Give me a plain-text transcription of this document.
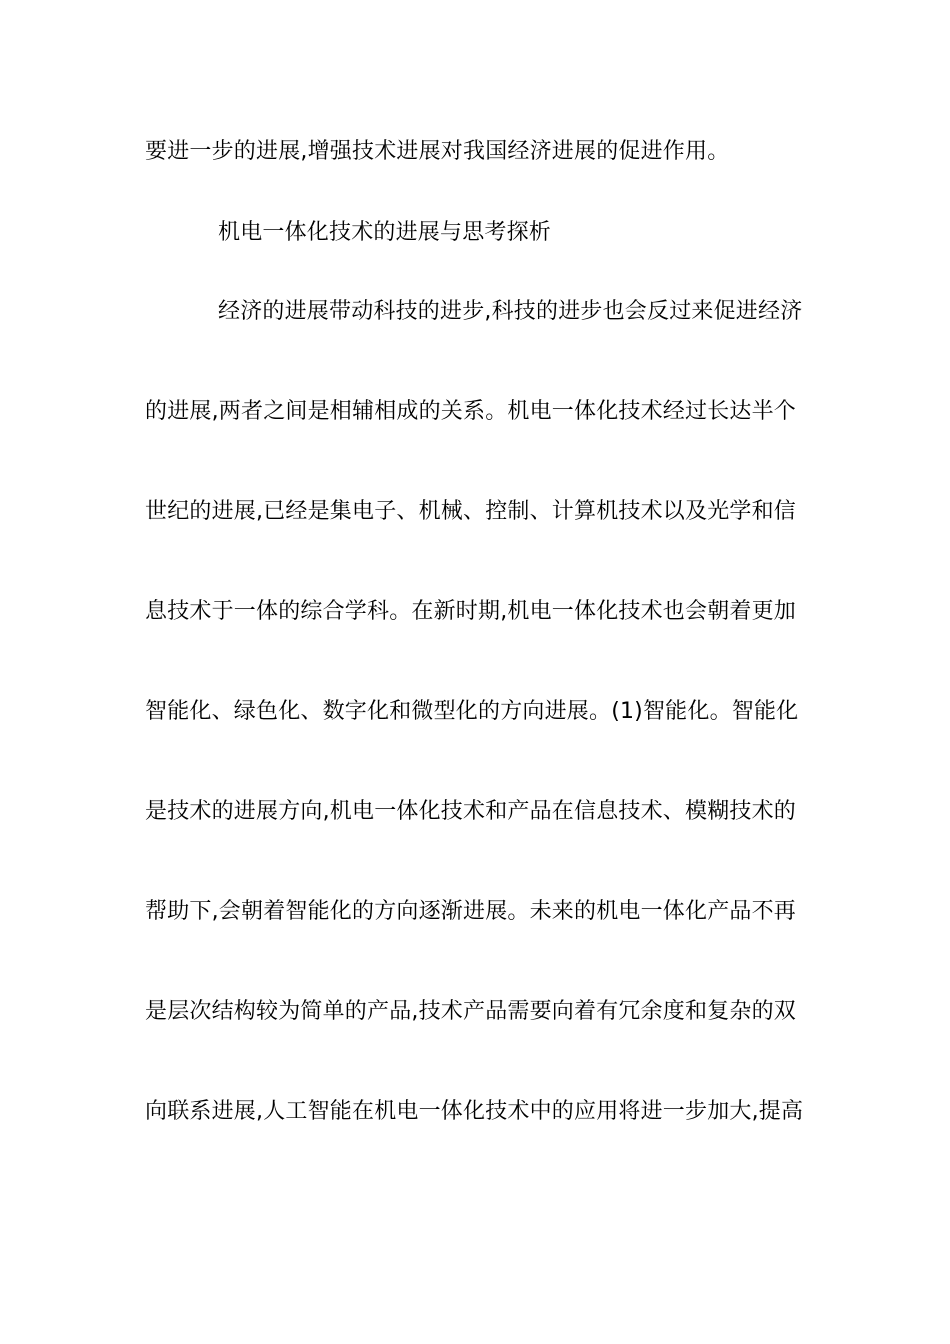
要进一步的进展,增强技术进展对我国经济进展的促进作用。
机电一体化技术的进展与思考探析
经济的进展带动科技的进步,科技的进步也会反过来促进经济
的进展,两者之间是相辅相成的关系。机电一体化技术经过长达半个
世纪的进展,已经是集电子、机械、控制、计算机技术以及光学和信
息技术于一体的综合学科。在新时期,机电一体化技术也会朝着更加
智能化、绿色化、数字化和微型化的方向进展。(1)智能化。智能化
是技术的进展方向,机电一体化技术和产品在信息技术、模糊技术的
帮助下,会朝着智能化的方向逐渐进展。未来的机电一体化产品不再
是层次结构较为简单的产品,技术产品需要向着有冗余度和复杂的双
向联系进展,人工智能在机电一体化技术中的应用将进一步加大,提高
